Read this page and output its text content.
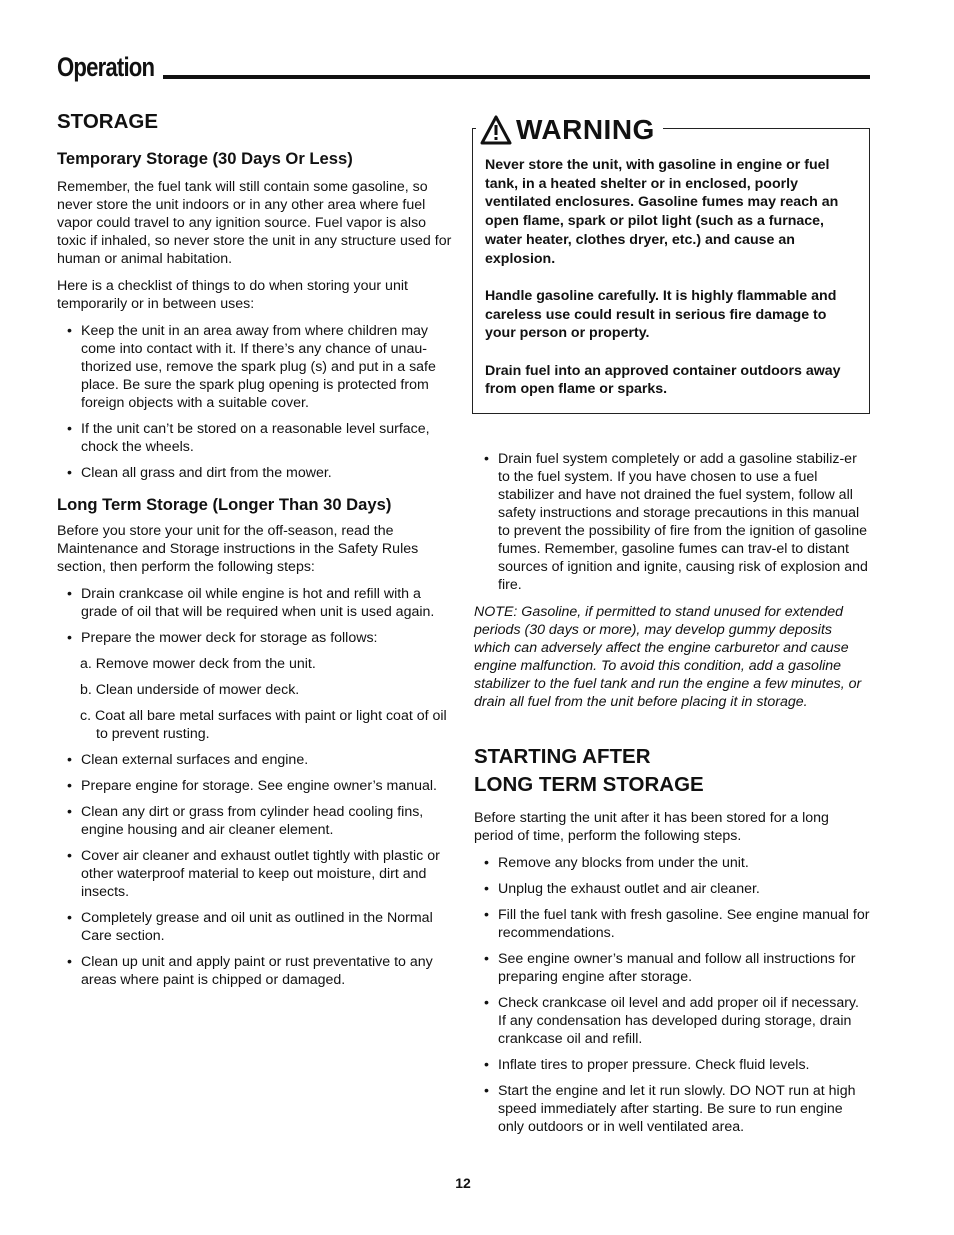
Operation
STORAGE
Temporary Storage (30 Days Or Less)

Remember, the fuel tank will still contain some gasoline, so never store the unit indoors or in any other area where fuel vapor could travel to any ignition source. Fuel vapor is also toxic if inhaled, so never store the unit in any structure used for human or animal habitation.

Here is a checklist of things to do when storing your unit temporarily or in between uses:

• Keep the unit in an area away from where children may come into contact with it. If there’s any chance of unau-thorized use, remove the spark plug (s) and put in a safe place. Be sure the spark plug opening is protected from foreign objects with a suitable cover.
• If the unit can’t be stored on a reasonable level surface, chock the wheels.
• Clean all grass and dirt from the mower.
Long Term Storage (Longer Than 30 Days)

Before you store your unit for the off-season, read the Maintenance and Storage instructions in the Safety Rules section, then perform the following steps:

• Drain crankcase oil while engine is hot and refill with a grade of oil that will be required when unit is used again.
• Prepare the mower deck for storage as follows:
a. Remove mower deck from the unit.
b. Clean underside of mower deck.
c. Coat all bare metal surfaces with paint or light coat of oil to prevent rusting.
• Clean external surfaces and engine.
• Prepare engine for storage. See engine owner’s manual.
• Clean any dirt or grass from cylinder head cooling fins, engine housing and air cleaner element.
• Cover air cleaner and exhaust outlet tightly with plastic or other waterproof material to keep out moisture, dirt and insects.
• Completely grease and oil unit as outlined in the Normal Care section.
• Clean up unit and apply paint or rust preventative to any areas where paint is chipped or damaged.
WARNING

Never store the unit, with gasoline in engine or fuel tank, in a heated shelter or in enclosed, poorly ventilated enclosures. Gasoline fumes may reach an open flame, spark or pilot light (such as a furnace, water heater, clothes dryer, etc.) and cause an explosion.

Handle gasoline carefully. It is highly flammable and careless use could result in serious fire damage to your person or property.

Drain fuel into an approved container outdoors away from open flame or sparks.

• Drain fuel system completely or add a gasoline stabiliz-er to the fuel system. If you have chosen to use a fuel stabilizer and have not drained the fuel system, follow all safety instructions and storage precautions in this manual to prevent the possibility of fire from the ignition of gasoline fumes. Remember, gasoline fumes can trav-el to distant sources of ignition and ignite, causing risk of explosion and fire.

NOTE: Gasoline, if permitted to stand unused for extended periods (30 days or more), may develop gummy deposits which can adversely affect the engine carburetor and cause engine malfunction. To avoid this condition, add a gasoline stabilizer to the fuel tank and run the engine a few minutes, or drain all fuel from the unit before placing it in storage.

STARTING AFTER
LONG TERM STORAGE

Before starting the unit after it has been stored for a long period of time, perform the following steps.

• Remove any blocks from under the unit.
• Unplug the exhaust outlet and air cleaner.
• Fill the fuel tank with fresh gasoline. See engine manual for recommendations.
• See engine owner’s manual and follow all instructions for preparing engine after storage.
• Check crankcase oil level and add proper oil if necessary. If any condensation has developed during storage, drain crankcase oil and refill.
• Inflate tires to proper pressure. Check fluid levels.
• Start the engine and let it run slowly. DO NOT run at high speed immediately after starting. Be sure to run engine only outdoors or in well ventilated area.
12
